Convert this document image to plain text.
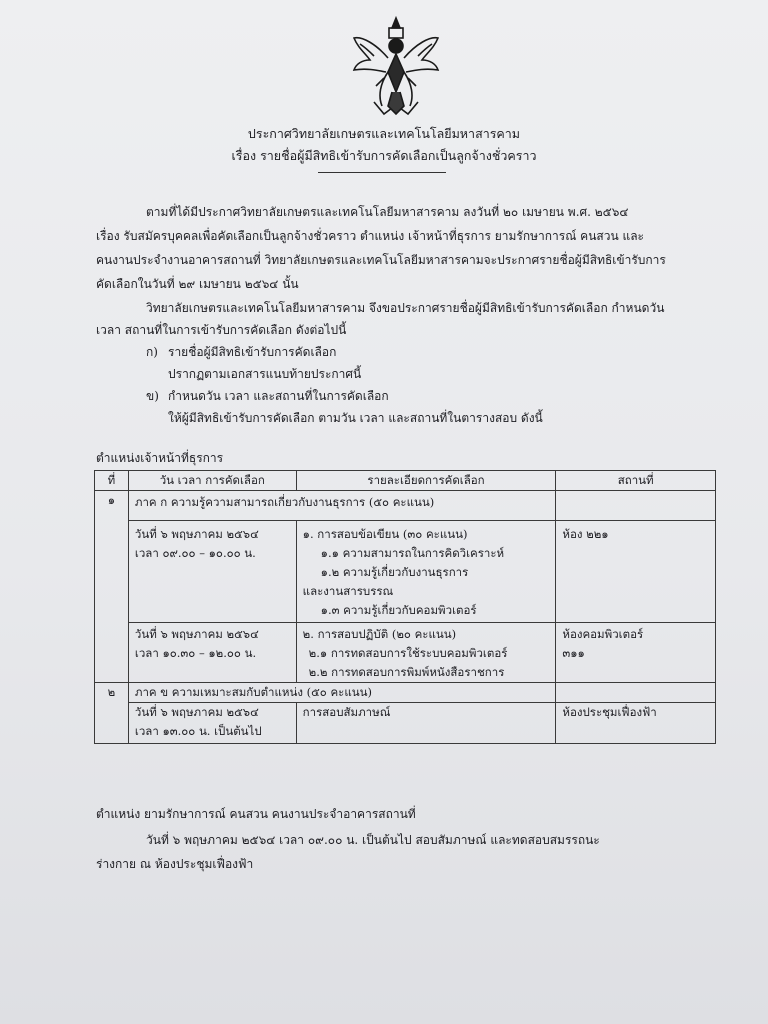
ประกาศวิทยาลัยเกษตรและเทคโนโลยีมหาสารคาม
เรื่อง รายชื่อผู้มีสิทธิเข้ารับการคัดเลือกเป็นลูกจ้างชั่วคราว
ตามที่ได้มีประกาศวิทยาลัยเกษตรและเทคโนโลยีมหาสารคาม ลงวันที่ ๒๐ เมษายน พ.ศ. ๒๕๖๔
เรื่อง รับสมัครบุคคลเพื่อคัดเลือกเป็นลูกจ้างชั่วคราว ตำแหน่ง เจ้าหน้าที่ธุรการ ยามรักษาการณ์ คนสวน และ
คนงานประจำงานอาคารสถานที่ วิทยาลัยเกษตรและเทคโนโลยีมหาสารคามจะประกาศรายชื่อผู้มีสิทธิเข้ารับการ
คัดเลือกในวันที่ ๒๙ เมษายน ๒๕๖๔ นั้น
วิทยาลัยเกษตรและเทคโนโลยีมหาสารคาม จึงขอประกาศรายชื่อผู้มีสิทธิเข้ารับการคัดเลือก กำหนดวัน
เวลา สถานที่ในการเข้ารับการคัดเลือก ดังต่อไปนี้
ก) รายชื่อผู้มีสิทธิเข้ารับการคัดเลือก
ปรากฏตามเอกสารแนบท้ายประกาศนี้
ข) กำหนดวัน เวลา และสถานที่ในการคัดเลือก
ให้ผู้มีสิทธิเข้ารับการคัดเลือก ตามวัน เวลา และสถานที่ในตารางสอบ ดังนี้
ตำแหน่งเจ้าหน้าที่ธุรการ
ที่	วัน เวลา การคัดเลือก	รายละเอียดการคัดเลือก	สถานที่
๑	ภาค ก ความรู้ความสามารถเกี่ยวกับงานธุรการ (๕๐ คะแนน)		

	วันที่ ๖ พฤษภาคม ๒๕๖๔
เวลา ๐๙.๐๐ – ๑๐.๐๐ น.	๑. การสอบข้อเขียน (๓๐ คะแนน)
๑.๑ ความสามารถในการคิดวิเคราะห์
๑.๒ ความรู้เกี่ยวกับงานธุรการ
และงานสารบรรณ
๑.๓ ความรู้เกี่ยวกับคอมพิวเตอร์	ห้อง ๒๒๑

	วันที่ ๖ พฤษภาคม ๒๕๖๔
เวลา ๑๐.๓๐ – ๑๒.๐๐ น.	๒. การสอบปฏิบัติ (๒๐ คะแนน)
๒.๑ การทดสอบการใช้ระบบคอมพิวเตอร์
๒.๒ การทดสอบการพิมพ์หนังสือราชการ	ห้องคอมพิวเตอร์
๓๑๑

๒	ภาค ข ความเหมาะสมกับตำแหน่ง (๕๐ คะแนน)		

	วันที่ ๖ พฤษภาคม ๒๕๖๔
เวลา ๑๓.๐๐ น. เป็นต้นไป	การสอบสัมภาษณ์	ห้องประชุมเฟื่องฟ้า
ตำแหน่ง ยามรักษาการณ์ คนสวน คนงานประจำอาคารสถานที่
วันที่ ๖ พฤษภาคม ๒๕๖๔ เวลา ๐๙.๐๐ น. เป็นต้นไป สอบสัมภาษณ์ และทดสอบสมรรถนะ
ร่างกาย ณ ห้องประชุมเฟื่องฟ้า
